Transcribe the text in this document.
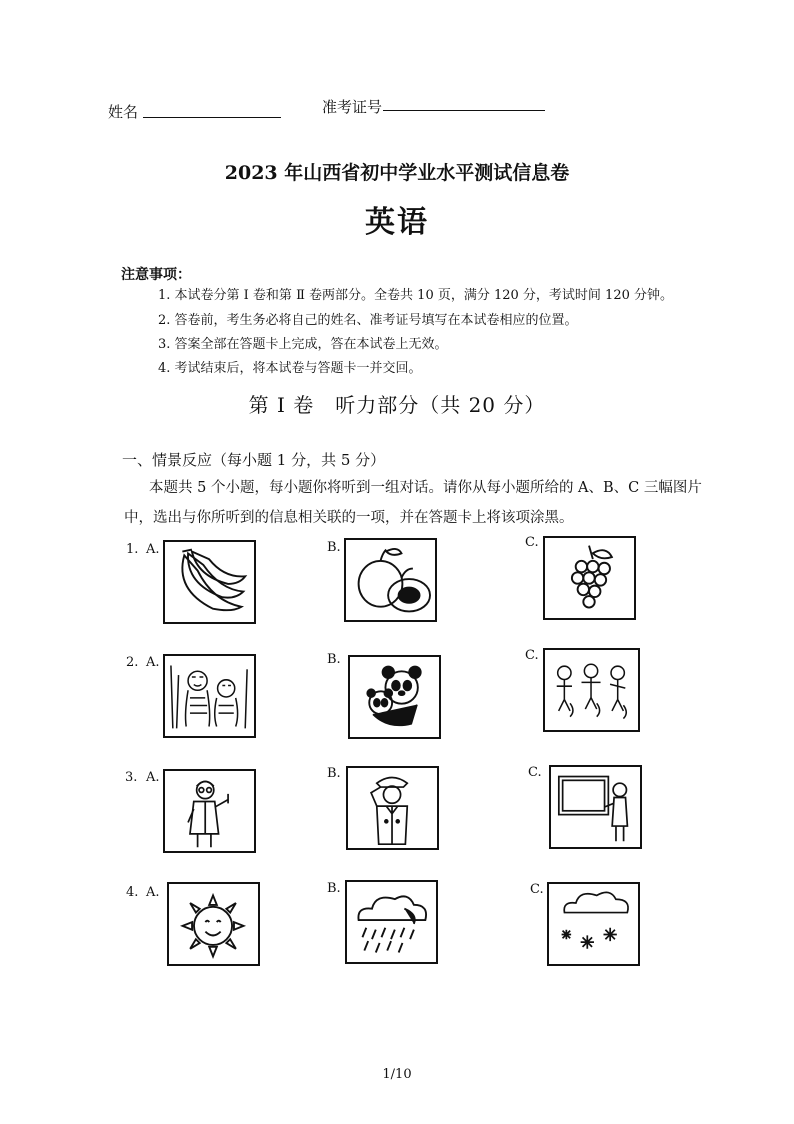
姓名	准考证号
2023 年山西省初中学业水平测试信息卷
英语
注意事项：
1. 本试卷分第 Ⅰ 卷和第 Ⅱ 卷两部分。全卷共 10 页，满分 120 分，考试时间 120 分钟。
2. 答卷前，考生务必将自己的姓名、准考证号填写在本试卷相应的位置。
3. 答案全部在答题卡上完成，答在本试卷上无效。
4. 考试结束后，将本试卷与答题卡一并交回。
第 Ⅰ 卷　听力部分（共 20 分）
一、情景反应（每小题 1 分，共 5 分）
本题共 5 个小题，每小题你将听到一组对话。请你从每小题所给的 A、B、C 三幅图片
中，选出与你所听到的信息相关联的一项，并在答题卡上将该项涂黑。
1. A.	B.	C.
2. A.	B.	C.
3. A.	B.	C.
4. A.	B.	C.
1/10
